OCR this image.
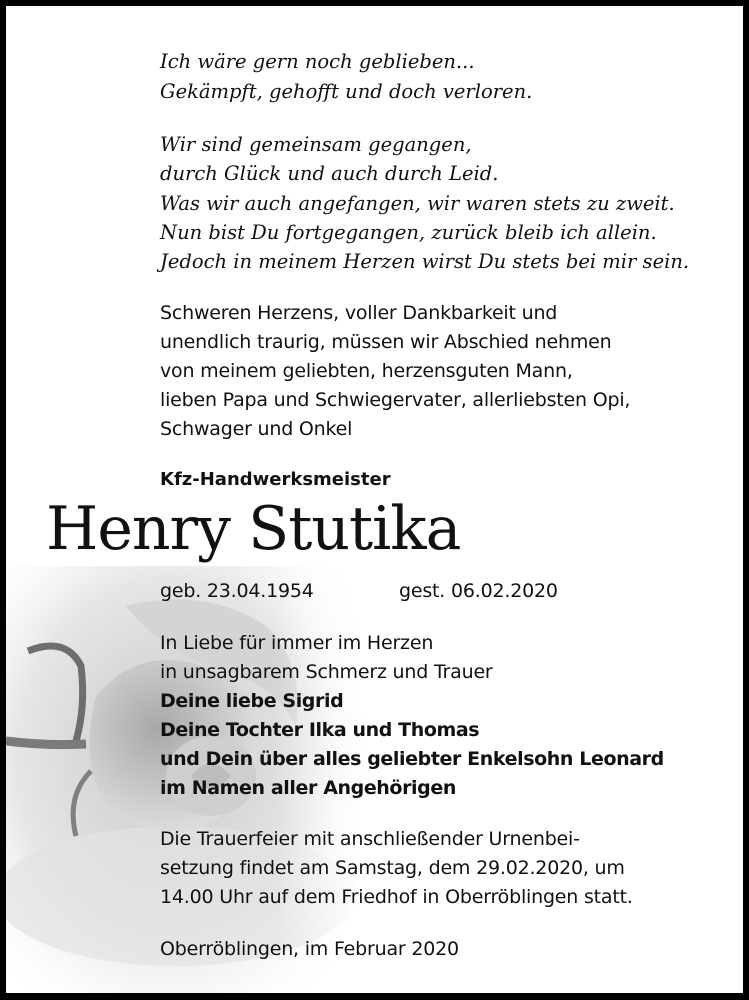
Ich wäre gern noch geblieben...
Gekämpft, gehofft und doch verloren.
Wir sind gemeinsam gegangen,
durch Glück und auch durch Leid.
Was wir auch angefangen, wir waren stets zu zweit.
Nun bist Du fortgegangen, zurück bleib ich allein.
Jedoch in meinem Herzen wirst Du stets bei mir sein.
Schweren Herzens, voller Dankbarkeit und
unendlich traurig, müssen wir Abschied nehmen
von meinem geliebten, herzensguten Mann,
lieben Papa und Schwiegervater, allerliebsten Opi,
Schwager und Onkel
Kfz-Handwerksmeister
Henry Stutika
geb. 23.04.1954	gest. 06.02.2020
In Liebe für immer im Herzen
in unsagbarem Schmerz und Trauer
Deine liebe Sigrid
Deine Tochter Ilka und Thomas
und Dein über alles geliebter Enkelsohn Leonard
im Namen aller Angehörigen
Die Trauerfeier mit anschließender Urnenbei-
setzung findet am Samstag, dem 29.02.2020, um
14.00 Uhr auf dem Friedhof in Oberröblingen statt.
Oberröblingen, im Februar 2020
